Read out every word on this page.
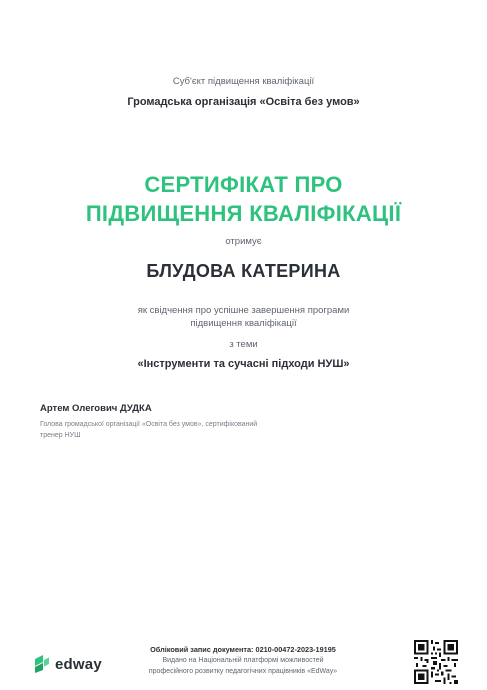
Суб'єкт підвищення кваліфікації
Громадська організація «Освіта без умов»
СЕРТИФІКАТ ПРО
ПІДВИЩЕННЯ КВАЛІФІКАЦІЇ
отримує
БЛУДОВА КАТЕРИНА
як свідчення про успішне завершення програми
підвищення кваліфікації
з теми
«Інструменти та сучасні підходи НУШ»
Артем Олегович ДУДКА
Голова громадської організації «Освіта без умов», сертифікований
тренер НУШ
edway
Обліковий запис документа: 0210-00472-2023-19195
Видано на Національній платформі можливостей
професійного розвитку педагогічних працівників «EdWay»
